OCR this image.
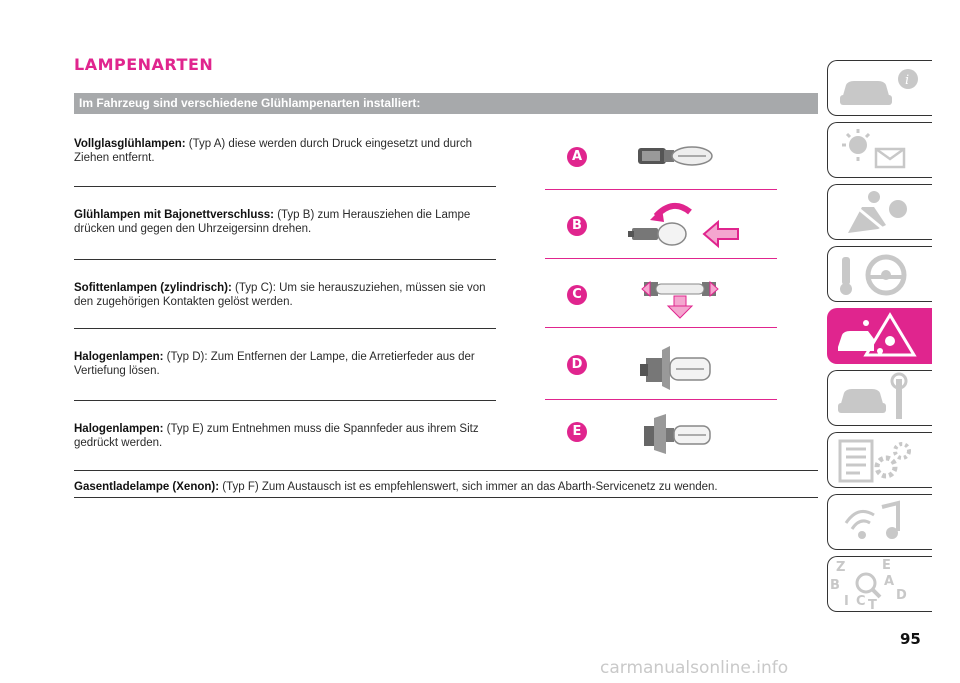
LAMPENARTEN
Im Fahrzeug sind verschiedene Glühlampenarten installiert:
Vollglasglühlampen: (Typ A) diese werden durch Druck eingesetzt und durch Ziehen entfernt.
Glühlampen mit Bajonettverschluss: (Typ B) zum Herausziehen die Lampe drücken und gegen den Uhrzeigersinn drehen.
Sofittenlampen (zylindrisch): (Typ C): Um sie herauszuziehen, müssen sie von den zugehörigen Kontakten gelöst werden.
Halogenlampen: (Typ D): Zum Entfernen der Lampe, die Arretierfeder aus der Vertiefung lösen.
Halogenlampen: (Typ E) zum Entnehmen muss die Spannfeder aus ihrem Sitz gedrückt werden.
Gasentladelampe (Xenon): (Typ F) Zum Austausch ist es empfehlenswert, sich immer an das Abarth-Servicenetz zu wenden.
A
B
C
D
E
i
Z	E
A
B
C D
T
I
95
carmanualsonline.info
